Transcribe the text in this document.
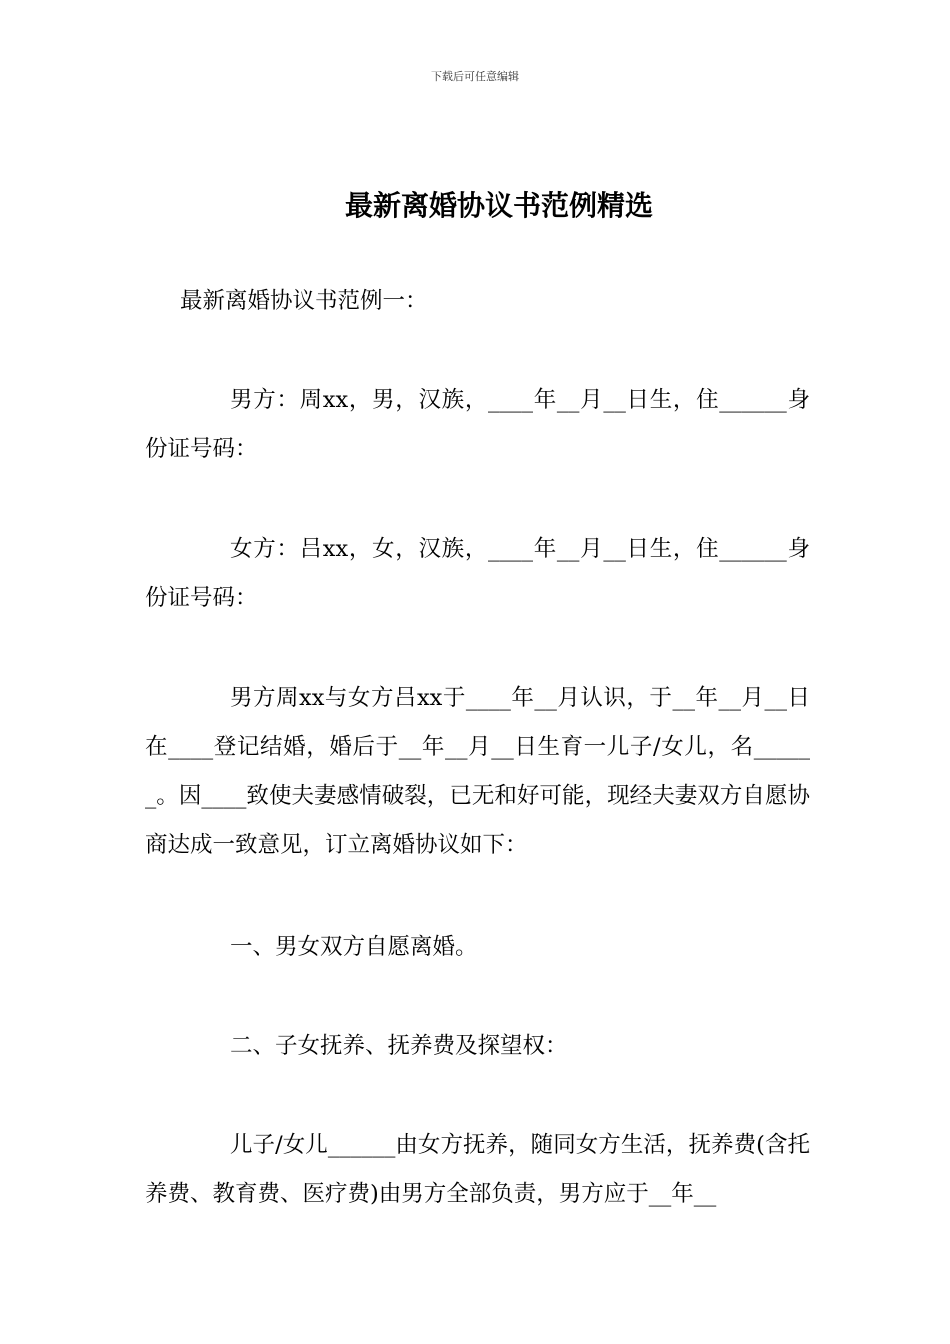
下载后可任意编辑
最新离婚协议书范例精选
最新离婚协议书范例一：
男方：周xx，男，汉族，____年__月__日生，住______身份证号码：
女方：吕xx，女，汉族，____年__月__日生，住______身份证号码：
男方周xx与女方吕xx于____年__月认识，于__年__月__日在____登记结婚，婚后于__年__月__日生育一儿子/女儿，名______。因____致使夫妻感情破裂，已无和好可能，现经夫妻双方自愿协商达成一致意见，订立离婚协议如下：
一、男女双方自愿离婚。
二、子女抚养、抚养费及探望权：
儿子/女儿______由女方抚养，随同女方生活，抚养费(含托养费、教育费、医疗费)由男方全部负责，男方应于__年__
